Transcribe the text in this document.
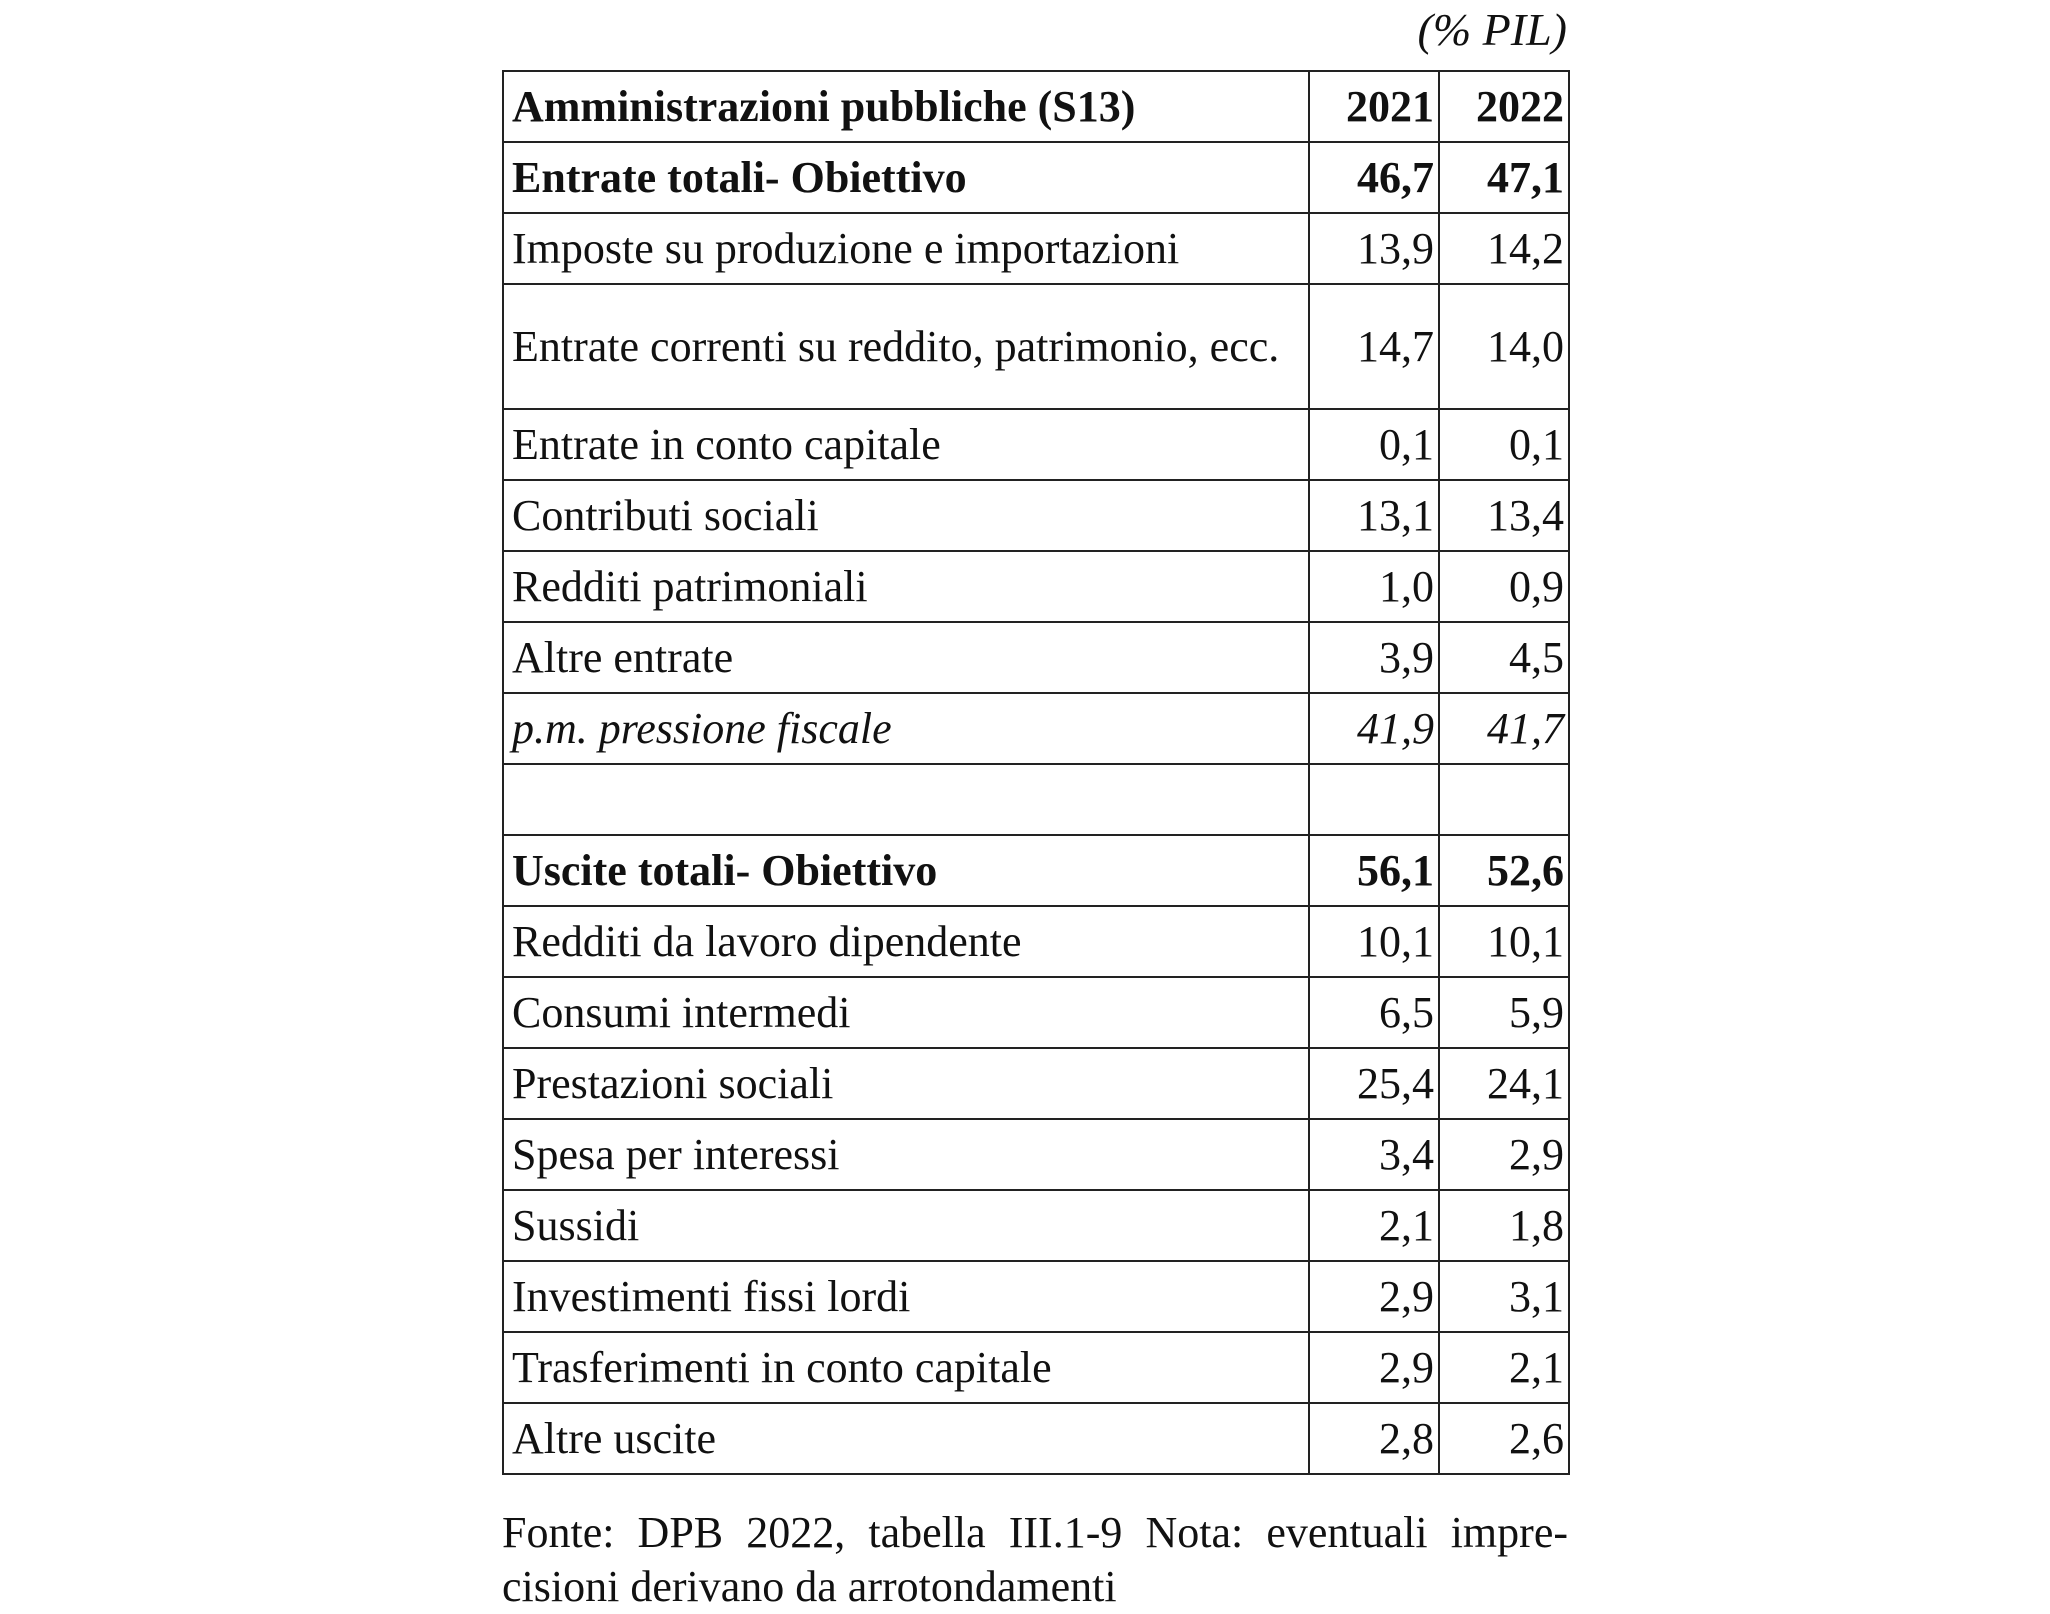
(% PIL)
Amministrazioni pubbliche (S13)	2021	2022
Entrate totali- Obiettivo	46,7	47,1
Imposte su produzione e importazioni	13,9	14,2
Entrate correnti su reddito, patrimonio, ecc.	14,7	14,0
Entrate in conto capitale	0,1	0,1
Contributi sociali	13,1	13,4
Redditi patrimoniali	1,0	0,9
Altre entrate	3,9	4,5
p.m. pressione fiscale	41,9	41,7

Uscite totali- Obiettivo	56,1	52,6
Redditi da lavoro dipendente	10,1	10,1
Consumi intermedi	6,5	5,9
Prestazioni sociali	25,4	24,1
Spesa per interessi	3,4	2,9
Sussidi	2,1	1,8
Investimenti fissi lordi	2,9	3,1
Trasferimenti in conto capitale	2,9	2,1
Altre uscite	2,8	2,6
Fonte: DPB 2022, tabella III.1-9 Nota: eventuali impre-cisioni derivano da arrotondamenti
